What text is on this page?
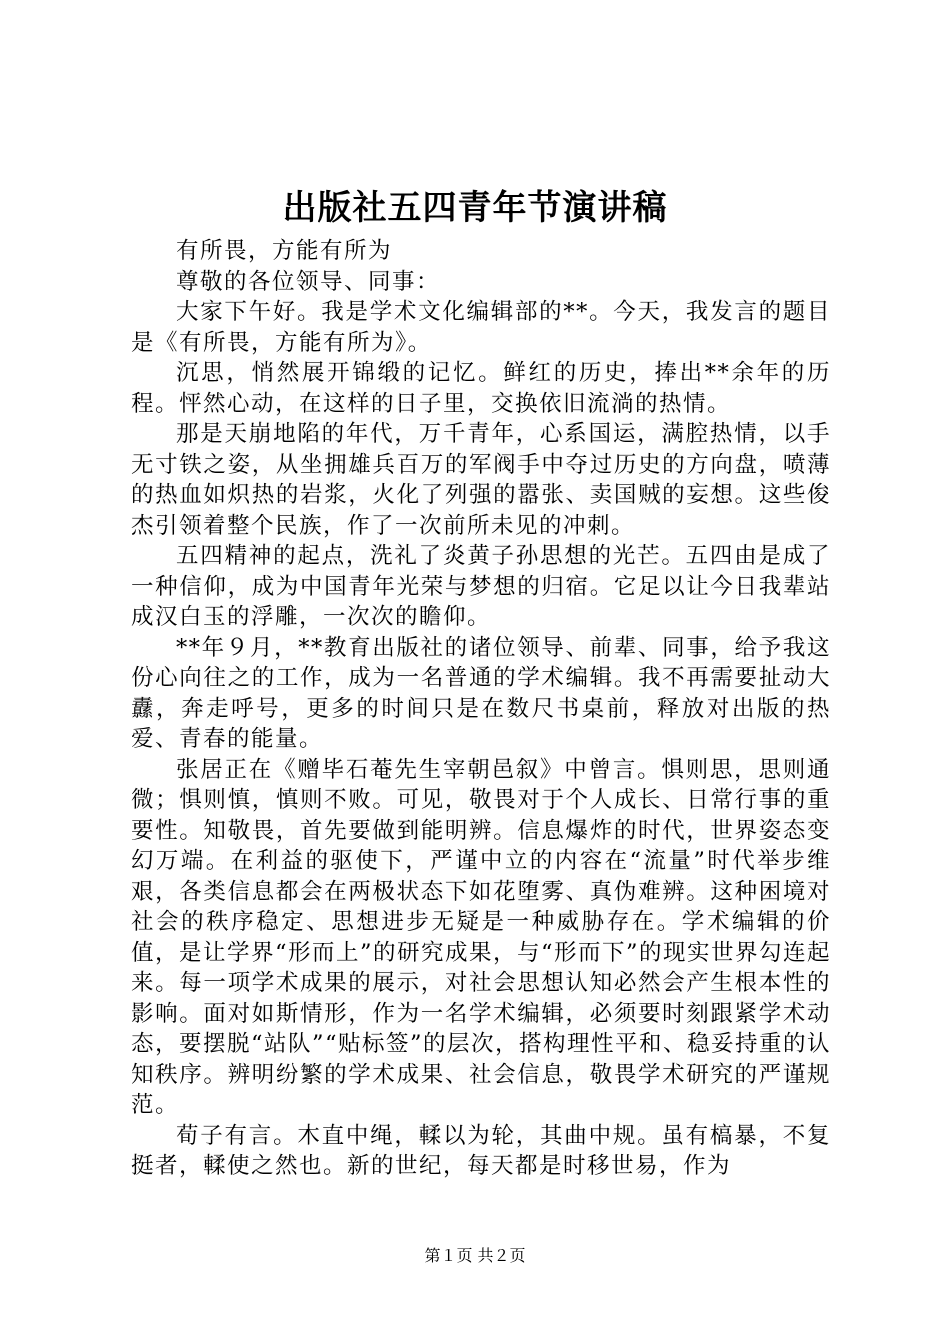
出版社五四青年节演讲稿

有所畏，方能有所为

尊敬的各位领导、同事：

大家下午好。我是学术文化编辑部的**。今天，我发言的题目是《有所畏，方能有所为》。

沉思，悄然展开锦缎的记忆。鲜红的历史，捧出**余年的历程。怦然心动，在这样的日子里，交换依旧流淌的热情。

那是天崩地陷的年代，万千青年，心系国运，满腔热情，以手无寸铁之姿，从坐拥雄兵百万的军阀手中夺过历史的方向盘，喷薄的热血如炽热的岩浆，火化了列强的嚣张、卖国贼的妄想。这些俊杰引领着整个民族，作了一次前所未见的冲刺。

五四精神的起点，洗礼了炎黄子孙思想的光芒。五四由是成了一种信仰，成为中国青年光荣与梦想的归宿。它足以让今日我辈站成汉白玉的浮雕，一次次的瞻仰。

**年９月，**教育出版社的诸位领导、前辈、同事，给予我这份心向往之的工作，成为一名普通的学术编辑。我不再需要扯动大纛，奔走呼号，更多的时间只是在数尺书桌前，释放对出版的热爱、青春的能量。

张居正在《赠毕石菴先生宰朝邑叙》中曾言。惧则思，思则通微；惧则慎，慎则不败。可见，敬畏对于个人成长、日常行事的重要性。知敬畏，首先要做到能明辨。信息爆炸的时代，世界姿态变幻万端。在利益的驱使下，严谨中立的内容在“流量”时代举步维艰，各类信息都会在两极状态下如花堕雾、真伪难辨。这种困境对社会的秩序稳定、思想进步无疑是一种威胁存在。学术编辑的价值，是让学界“形而上”的研究成果，与“形而下”的现实世界勾连起来。每一项学术成果的展示，对社会思想认知必然会产生根本性的影响。面对如斯情形，作为一名学术编辑，必须要时刻跟紧学术动态，要摆脱“站队”“贴标签”的层次，搭构理性平和、稳妥持重的认知秩序。辨明纷繁的学术成果、社会信息，敬畏学术研究的严谨规范。

荀子有言。木直中绳，輮以为轮，其曲中规。虽有槁暴，不复挺者，輮使之然也。新的世纪，每天都是时移世易，作为

第１页 共２页
